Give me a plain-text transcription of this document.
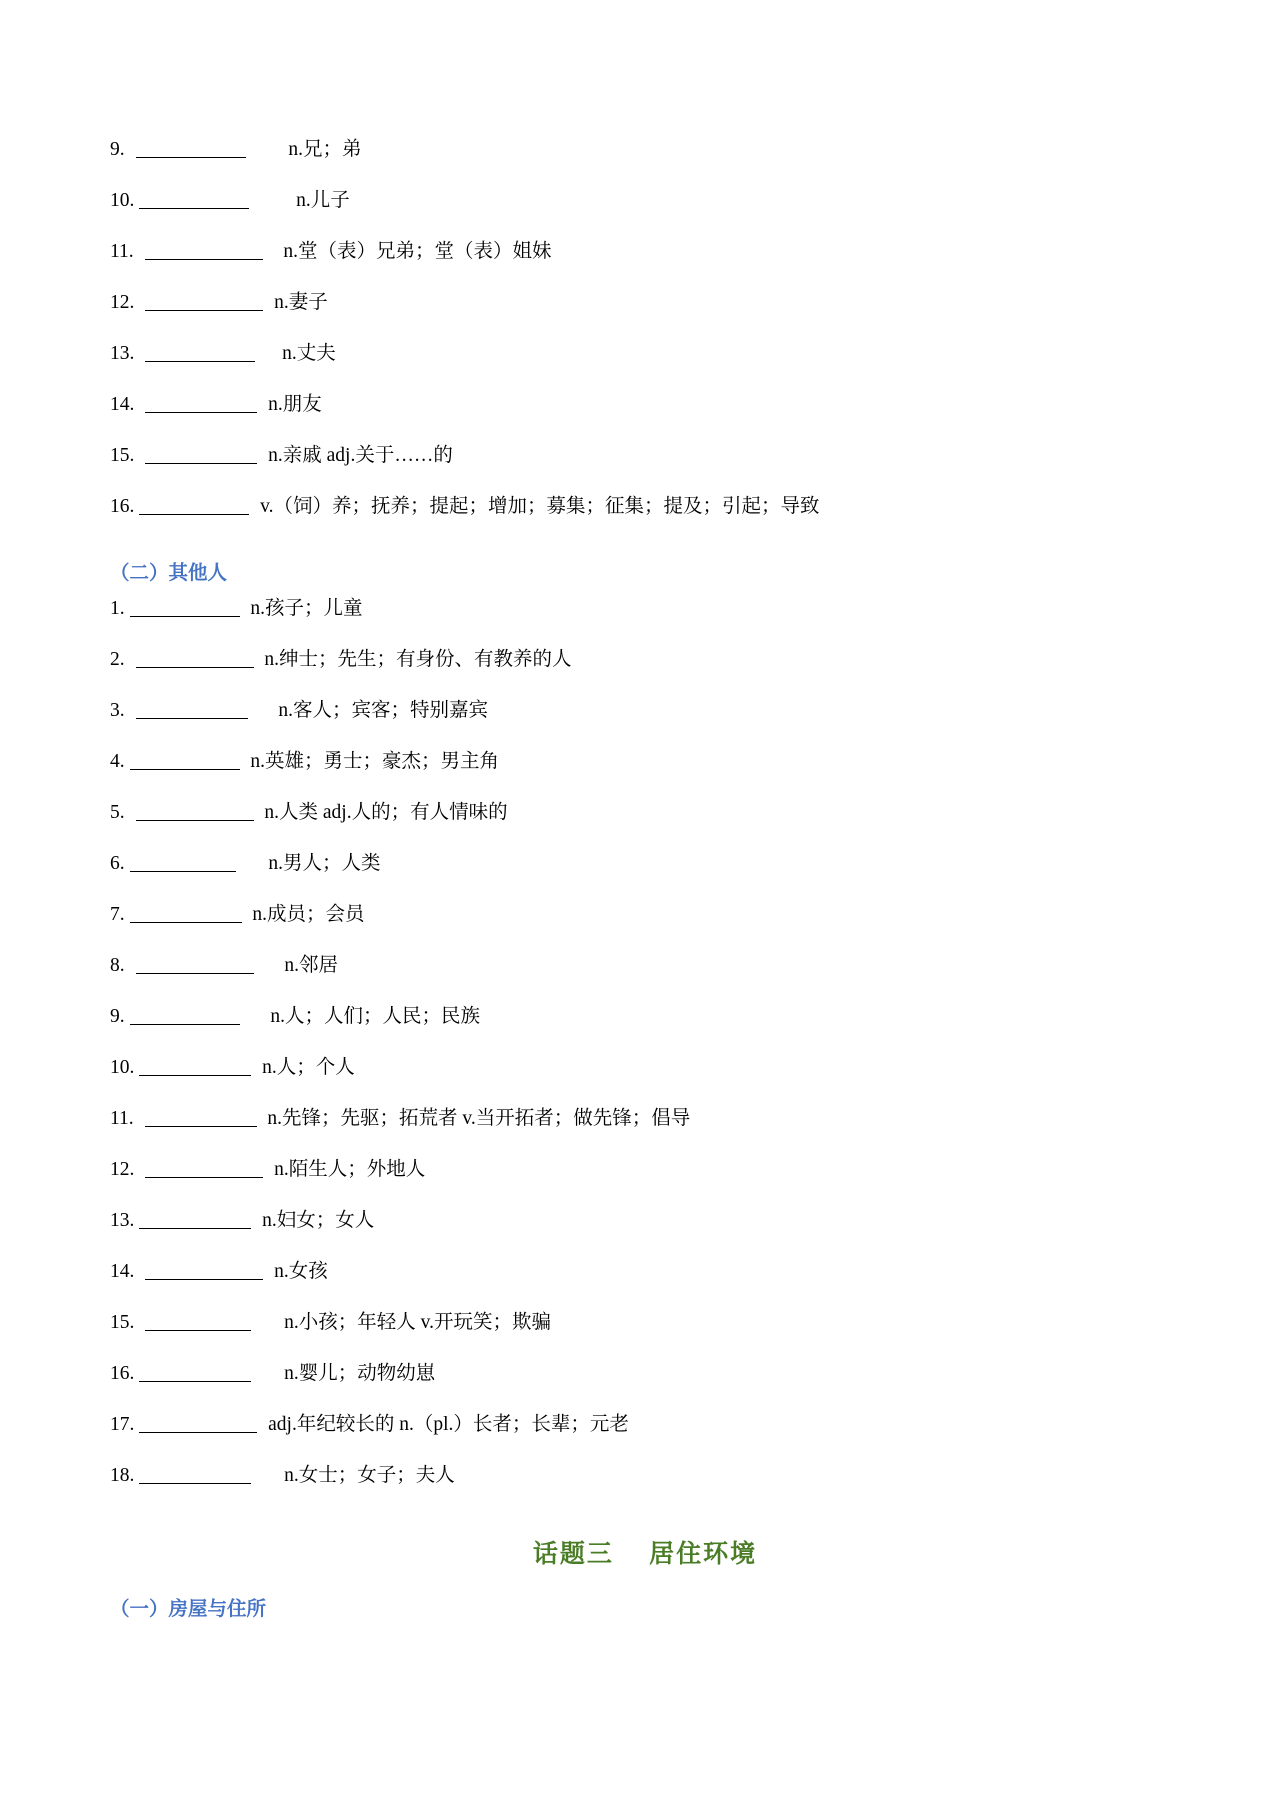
9.	n.兄；弟
10.	n.儿子
11.	n.堂（表）兄弟；堂（表）姐妹
12.	n.妻子
13.	n.丈夫
14.	n.朋友
15.	n.亲戚 adj.关于……的
16.	v.（饲）养；抚养；提起；增加；募集；征集；提及；引起；导致
（二）其他人
1.	n.孩子；儿童
2.	n.绅士；先生；有身份、有教养的人
3.	n.客人；宾客；特别嘉宾
4.	n.英雄；勇士；豪杰；男主角
5.	n.人类 adj.人的；有人情味的
6.	n.男人；人类
7.	n.成员；会员
8.	n.邻居
9.	n.人；人们；人民；民族
10.	n.人；个人
11.	n.先锋；先驱；拓荒者 v.当开拓者；做先锋；倡导
12.	n.陌生人；外地人
13.	n.妇女；女人
14.	n.女孩
15.	n.小孩；年轻人 v.开玩笑；欺骗
16.	n.婴儿；动物幼崽
17.	adj.年纪较长的 n.（pl.）长者；长辈；元老
18.	n.女士；女子；夫人
话题三　 居住环境
（一）房屋与住所
